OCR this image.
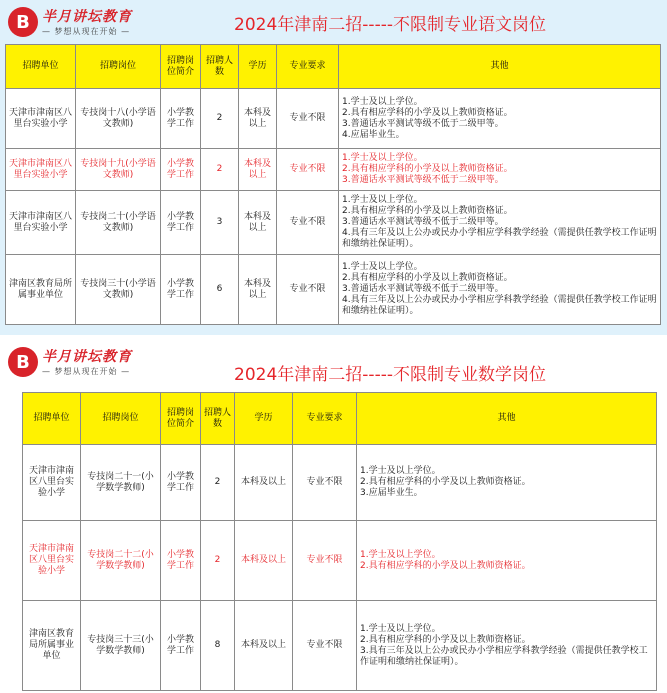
B 半月讲坛教育
— 梦想从现在开始 —	2024年津南二招-----不限制专业语文岗位
招聘单位	招聘岗位	招聘岗位简介	招聘人数	学历	专业要求	其他
天津市津南区八里台实验小学	专技岗十八(小学语文教师)	小学教学工作	2	本科及以上	专业不限	1.学士及以上学位。
2.具有相应学科的小学及以上教师资格证。
3.普通话水平测试等级不低于二级甲等。
4.应届毕业生。

天津市津南区八里台实验小学	专技岗十九(小学语文教师)	小学教学工作	2	本科及以上	专业不限	1.学士及以上学位。
2.具有相应学科的小学及以上教师资格证。
3.普通话水平测试等级不低于二级甲等。

天津市津南区八里台实验小学	专技岗二十(小学语文教师)	小学教学工作	3	本科及以上	专业不限	1.学士及以上学位。
2.具有相应学科的小学及以上教师资格证。
3.普通话水平测试等级不低于二级甲等。
4.具有三年及以上公办或民办小学相应学科教学经验（需提供任教学校工作证明和缴纳社保证明）。

津南区教育局所属事业单位	专技岗三十(小学语文教师)	小学教学工作	6	本科及以上	专业不限	1.学士及以上学位。
2.具有相应学科的小学及以上教师资格证。
3.普通话水平测试等级不低于二级甲等。
4.具有三年及以上公办或民办小学相应学科教学经验（需提供任教学校工作证明和缴纳社保证明）。
B 半月讲坛教育
— 梦想从现在开始 —	2024年津南二招-----不限制专业数学岗位
招聘单位	招聘岗位	招聘岗位简介	招聘人数	学历	专业要求	其他
天津市津南区八里台实验小学	专技岗二十一(小学数学教师)	小学教学工作	2	本科及以上	专业不限	1.学士及以上学位。
2.具有相应学科的小学及以上教师资格证。
3.应届毕业生。

天津市津南区八里台实验小学	专技岗二十二(小学数学教师)	小学教学工作	2	本科及以上	专业不限	1.学士及以上学位。
2.具有相应学科的小学及以上教师资格证。

津南区教育局所属事业单位	专技岗三十三(小学数学教师)	小学教学工作	8	本科及以上	专业不限	1.学士及以上学位。
2.具有相应学科的小学及以上教师资格证。
3.具有三年及以上公办或民办小学相应学科教学经验（需提供任教学校工作证明和缴纳社保证明）。
